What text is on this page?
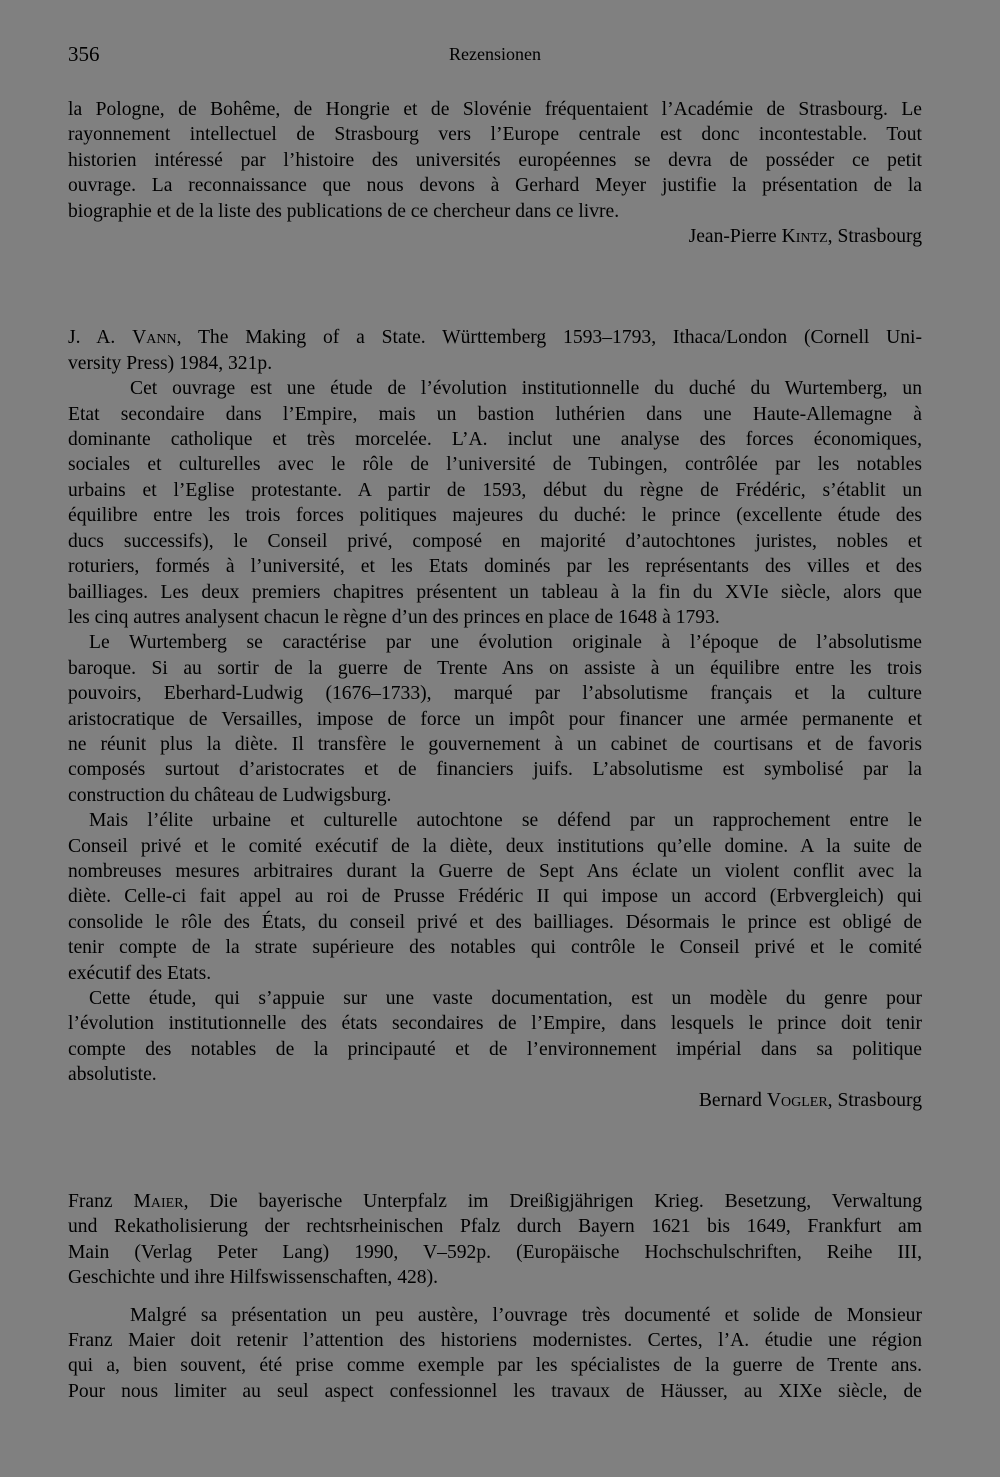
356	Rezensionen
la Pologne, de Bohême, de Hongrie et de Slovénie fréquentaient l’Académie de Strasbourg. Le
rayonnement intellectuel de Strasbourg vers l’Europe centrale est donc incontestable. Tout
historien intéressé par l’histoire des universités européennes se devra de posséder ce petit
ouvrage. La reconnaissance que nous devons à Gerhard Meyer justifie la présentation de la
biographie et de la liste des publications de ce chercheur dans ce livre.
Jean-Pierre Kintz, Strasbourg
J. A. Vann, The Making of a State. Württemberg 1593–1793, Ithaca/London (Cornell Uni-
versity Press) 1984, 321p.
Cet ouvrage est une étude de l’évolution institutionnelle du duché du Wurtemberg, un
Etat secondaire dans l’Empire, mais un bastion luthérien dans une Haute-Allemagne à
dominante catholique et très morcelée. L’A. inclut une analyse des forces économiques,
sociales et culturelles avec le rôle de l’université de Tubingen, contrôlée par les notables
urbains et l’Eglise protestante. A partir de 1593, début du règne de Frédéric, s’établit un
équilibre entre les trois forces politiques majeures du duché: le prince (excellente étude des
ducs successifs), le Conseil privé, composé en majorité d’autochtones juristes, nobles et
roturiers, formés à l’université, et les Etats dominés par les représentants des villes et des
bailliages. Les deux premiers chapitres présentent un tableau à la fin du XVIe siècle, alors que
les cinq autres analysent chacun le règne d’un des princes en place de 1648 à 1793.
Le Wurtemberg se caractérise par une évolution originale à l’époque de l’absolutisme
baroque. Si au sortir de la guerre de Trente Ans on assiste à un équilibre entre les trois
pouvoirs, Eberhard-Ludwig (1676–1733), marqué par l’absolutisme français et la culture
aristocratique de Versailles, impose de force un impôt pour financer une armée permanente et
ne réunit plus la diète. Il transfère le gouvernement à un cabinet de courtisans et de favoris
composés surtout d’aristocrates et de financiers juifs. L’absolutisme est symbolisé par la
construction du château de Ludwigsburg.
Mais l’élite urbaine et culturelle autochtone se défend par un rapprochement entre le
Conseil privé et le comité exécutif de la diète, deux institutions qu’elle domine. A la suite de
nombreuses mesures arbitraires durant la Guerre de Sept Ans éclate un violent conflit avec la
diète. Celle-ci fait appel au roi de Prusse Frédéric II qui impose un accord (Erbvergleich) qui
consolide le rôle des États, du conseil privé et des bailliages. Désormais le prince est obligé de
tenir compte de la strate supérieure des notables qui contrôle le Conseil privé et le comité
exécutif des Etats.
Cette étude, qui s’appuie sur une vaste documentation, est un modèle du genre pour
l’évolution institutionnelle des états secondaires de l’Empire, dans lesquels le prince doit tenir
compte des notables de la principauté et de l’environnement impérial dans sa politique
absolutiste.
Bernard Vogler, Strasbourg
Franz Maier, Die bayerische Unterpfalz im Dreißigjährigen Krieg. Besetzung, Verwaltung
und Rekatholisierung der rechtsrheinischen Pfalz durch Bayern 1621 bis 1649, Frankfurt am
Main (Verlag Peter Lang) 1990, V–592p. (Europäische Hochschulschriften, Reihe III,
Geschichte und ihre Hilfswissenschaften, 428).
Malgré sa présentation un peu austère, l’ouvrage très documenté et solide de Monsieur
Franz Maier doit retenir l’attention des historiens modernistes. Certes, l’A. étudie une région
qui a, bien souvent, été prise comme exemple par les spécialistes de la guerre de Trente ans.
Pour nous limiter au seul aspect confessionnel les travaux de Häusser, au XIXe siècle, de
